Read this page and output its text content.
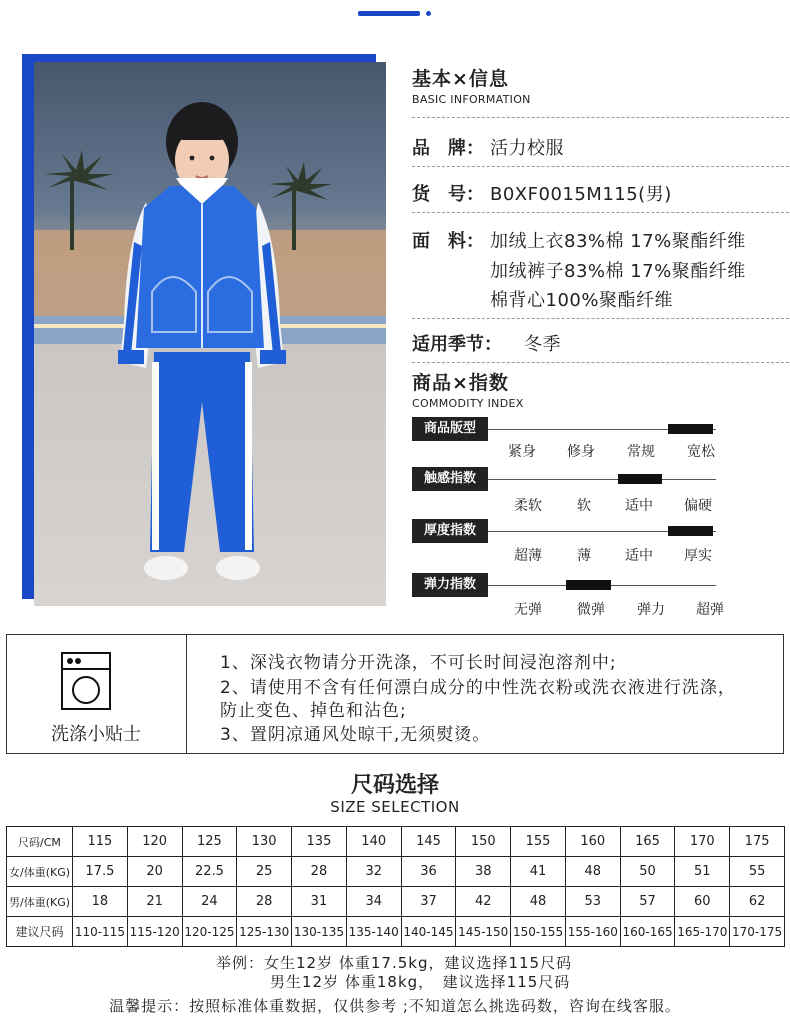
基本×信息
BASIC INFORMATION
品　牌： 活力校服
货　号： B0XF0015M115(男)
面　料： 加绒上衣83%棉 17%聚酯纤维
加绒裤子83%棉 17%聚酯纤维
棉背心100%聚酯纤维
适用季节： 冬季
商品×指数
COMMODITY INDEX
商品版型
紧身	修身	常规	宽松
触感指数
柔软	软	适中	偏硬
厚度指数
超薄	薄	适中	厚实
弹力指数
无弹	微弹	弹力	超弹
洗涤小贴士
1、深浅衣物请分开洗涤，不可长时间浸泡溶剂中;
2、请使用不含有任何漂白成分的中性洗衣粉或洗衣液进行洗涤，
防止变色、掉色和沾色;
3、置阴凉通风处晾干,无须熨烫。
尺码选择
SIZE SELECTION
尺码/CM	115	120	125	130	135	140	145	150	155	160	165	170	175
女/体重(KG)	17.5	20	22.5	25	28	32	36	38	41	48	50	51	55
男/体重(KG)	18	21	24	28	31	34	37	42	48	53	57	60	62
建议尺码	110-115	115-120	120-125	125-130	130-135	135-140	140-145	145-150	150-155	155-160	160-165	165-170	170-175
举例：女生12岁 体重17.5kg，建议选择115尺码
男生12岁 体重18kg，　建议选择115尺码
温馨提示：按照标准体重数据，仅供参考 ;不知道怎么挑选码数，咨询在线客服。
